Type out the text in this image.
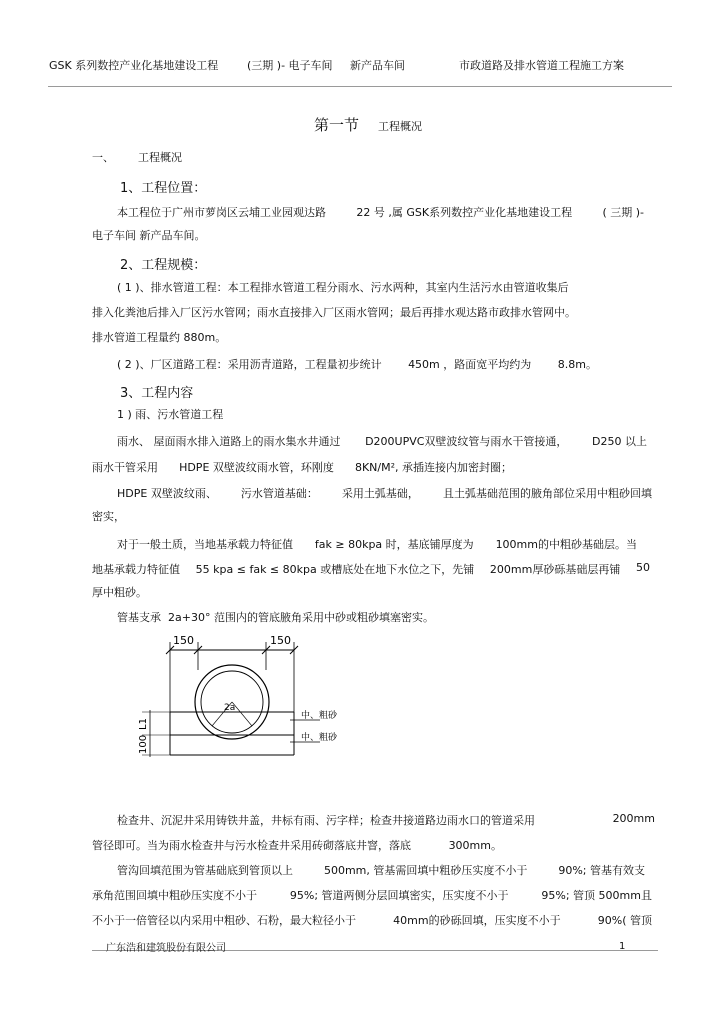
GSK 系列数控产业化基地建设工程	(三期 )- 电子车间 新产品车间	市政道路及排水管道工程施工方案
第一节 工程概况
一、 工程概况
1、工程位置：
本工程位于广州市萝岗区云埔工业园观达路	22 号 ,属 GSK系列数控产业化基地建设工程	( 三期 )-
电子车间 新产品车间。
2、工程规模：
( 1 )、排水管道工程：本工程排水管道工程分雨水、污水两种，其室内生活污水由管道收集后
排入化粪池后排入厂区污水管网；雨水直接排入厂区雨水管网；最后再排水观达路市政排水管网中。
排水管道工程量约 880m。
( 2 )、厂区道路工程：采用沥青道路，工程量初步统计 450m ，路面宽平均约为 8.8m。
3、工程内容
1 ) 雨、污水管道工程
雨水、 屋面雨水排入道路上的雨水集水井通过 D200UPVC双壁波纹管与雨水干管接通， D250 以上
雨水干管采用 HDPE 双壁波纹雨水管，环刚度 8KN/M², 承插连接内加密封圈；
HDPE 双壁波纹雨、 污水管道基础： 采用土弧基础， 且土弧基础范围的腋角部位采用中粗砂回填
密实，
对于一般土质，当地基承载力特征值 fak ≥ 80kpa 时，基底铺厚度为 100mm的中粗砂基础层。当
地基承载力特征值 55 kpa ≤ fak ≤ 80kpa 或槽底处在地下水位之下，先铺 200mm厚砂砾基础层再铺 50
厚中粗砂。
管基支承 2a+30° 范围内的管底腋角采用中砂或粗砂填塞密实。
150	150
2a
L1
100
中、粗砂
中、粗砂
检查井、沉泥井采用铸铁井盖，井标有雨、污字样；检查井接道路边雨水口的管道采用	200mm
管径即可。当为雨水检查井与污水检查井采用砖砌落底井窨，落底	300mm。
管沟回填范围为管基础底到管顶以上	500mm, 管基需回填中粗砂压实度不小于	90%; 管基有效支
承角范围回填中粗砂压实度不小于	95%; 管道两侧分层回填密实，压实度不小于	95%; 管顶 500mm且
不小于一倍管径以内采用中粗砂、石粉，最大粒径小于	40mm的砂砾回填，压实度不小于	90%( 管顶
广东浩和建筑股份有限公司	1
